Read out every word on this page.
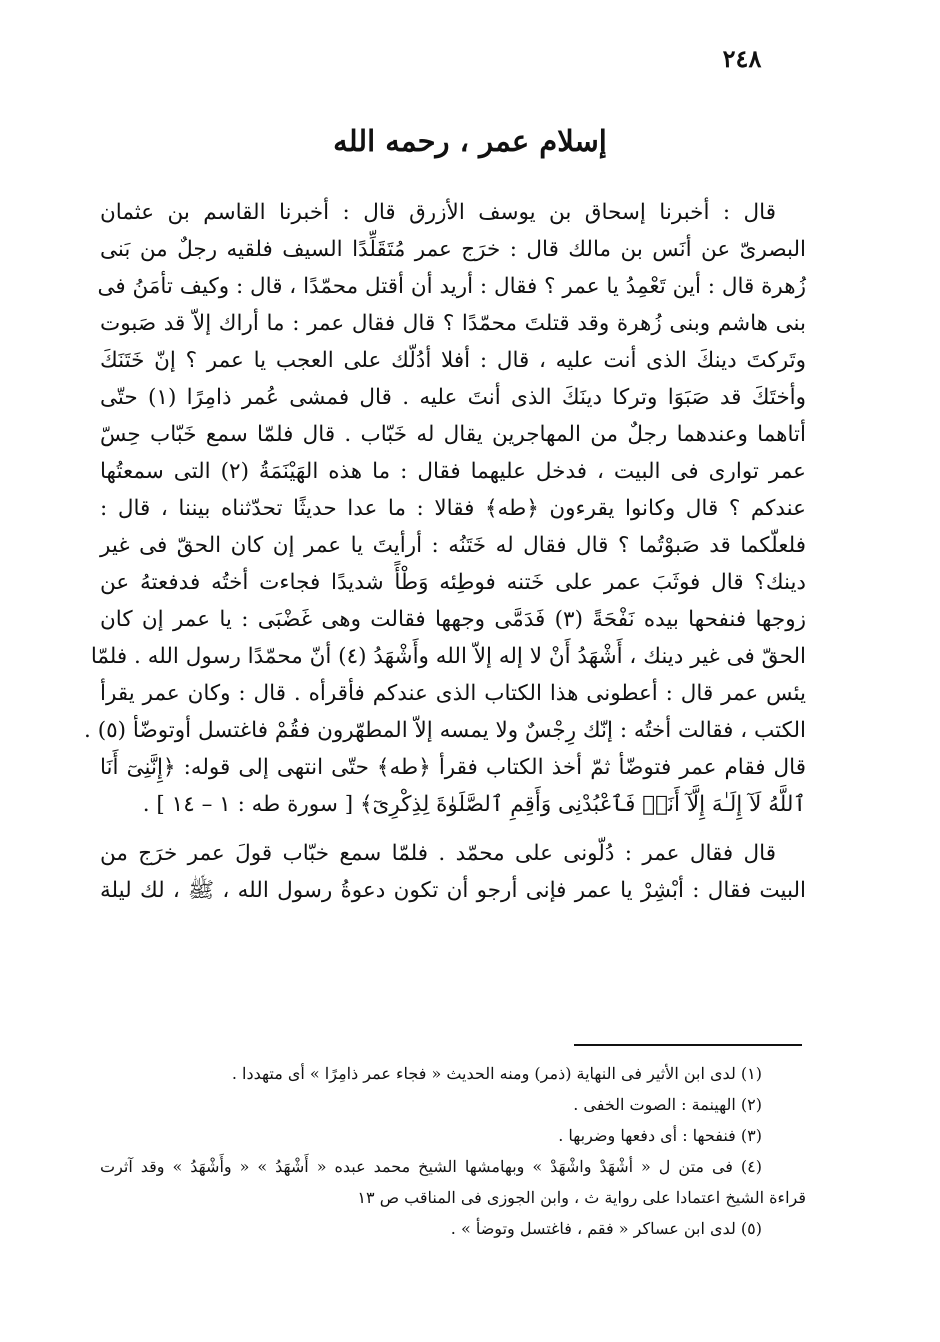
٢٤٨
إسلام عمر ، رحمه الله
قال : أخبرنا إسحاق بن يوسف الأزرق قال : أخبرنا القاسم بن عثمان
البصرىّ عن أنَس بن مالك قال : خرَج عمر مُتَقَلِّدًا السيف فلقيه رجلٌ من بَنى
زُهرة قال : أين تَعْمِدُ يا عمر ؟ فقال : أريد أن أقتل محمّدًا ، قال : وكيف تأمَنُ فى
بنى هاشم وبنى زُهرة وقد قتلتَ محمّدًا ؟ قال فقال عمر : ما أراك إلاّ قد صَبوت
وتَركتَ دينكَ الذى أنت عليه ، قال : أفلا أدُلّك على العجب يا عمر ؟ إنّ خَتَنَكَ
وأختَكَ قد صَبَوَا وتركا دينَكَ الذى أنتَ عليه . قال فمشى عُمر ذامِرًا (١) حتّى
أتاهما وعندهما رجلٌ من المهاجرين يقال له خَبّاب . قال فلمّا سمع خَبّاب حِسّ
عمر توارى فى البيت ، فدخل عليهما فقال : ما هذه الهَيْنَمَةُ (٢) التى سمعتُها
عندكم ؟ قال وكانوا يقرءون ﴿طه﴾ فقالا : ما عدا حديثًا تحدّثناه بيننا ، قال :
فلعلّكما قد صَبوْتُما ؟ قال فقال له خَتَنُه : أرأيتَ يا عمر إن كان الحقّ فى غير
دينك؟ قال فوثَبَ عمر على خَتنه فوطِئه وَطْأً شديدًا فجاءت أختُه فدفعتهُ عن
زوجها فنفحها بيده نَفْحَةً (٣) فَدَمَّى وجهها فقالت وهى غَضْبَى : يا عمر إن كان
الحقّ فى غير دينك ، أَشْهَدُ أَنْ لا إله إلاّ الله وأَشْهَدُ (٤) أنّ محمّدًا رسول الله . فلمّا
يئس عمر قال : أعطونى هذا الكتاب الذى عندكم فأقرأه . قال : وكان عمر يقرأ
الكتب ، فقالت أختُه : إنّك رِجْسٌ ولا يمسه إلاّ المطهّرون فقُمْ فاغتسل أوتوضّأ (٥) .
قال فقام عمر فتوضّأ ثمّ أخذ الكتاب فقرأ ﴿طه﴾ حتّى انتهى إلى قوله: ﴿إِنَّنِىٓ أَنَا
ٱللَّهُ لَآ إِلَـٰهَ إِلَّآ أَنَا۠ فَٱعْبُدْنِى وَأَقِمِ ٱلصَّلَوٰةَ لِذِكْرِىٓ﴾ [ سورة طه : ١ – ١٤ ] .
قال فقال عمر : دُلّونى على محمّد . فلمّا سمع خبّاب قولَ عمر خرَج من
البيت فقال : أبْشِرْ يا عمر فإنى أرجو أن تكون دعوةُ رسول الله ، ﷺ ، لك ليلة
(١) لدى ابن الأثير فى النهاية (ذمر) ومنه الحديث « فجاء عمر ذامِرًا » أى متهددا .
(٢) الهينمة : الصوت الخفى .
(٣) فنفحها : أى دفعها وضربها .
(٤) فى متن ل « أشْهَدْ واشْهَدْ » وبهامشها الشيخ محمد عبده « أَشْهَدُ » « وأَشْهَدُ » وقد آثرت
قراءة الشيخ اعتمادا على رواية ث ، وابن الجوزى فى المناقب ص ١٣
(٥) لدى ابن عساكر « فقم ، فاغتسل وتوضأ » .
